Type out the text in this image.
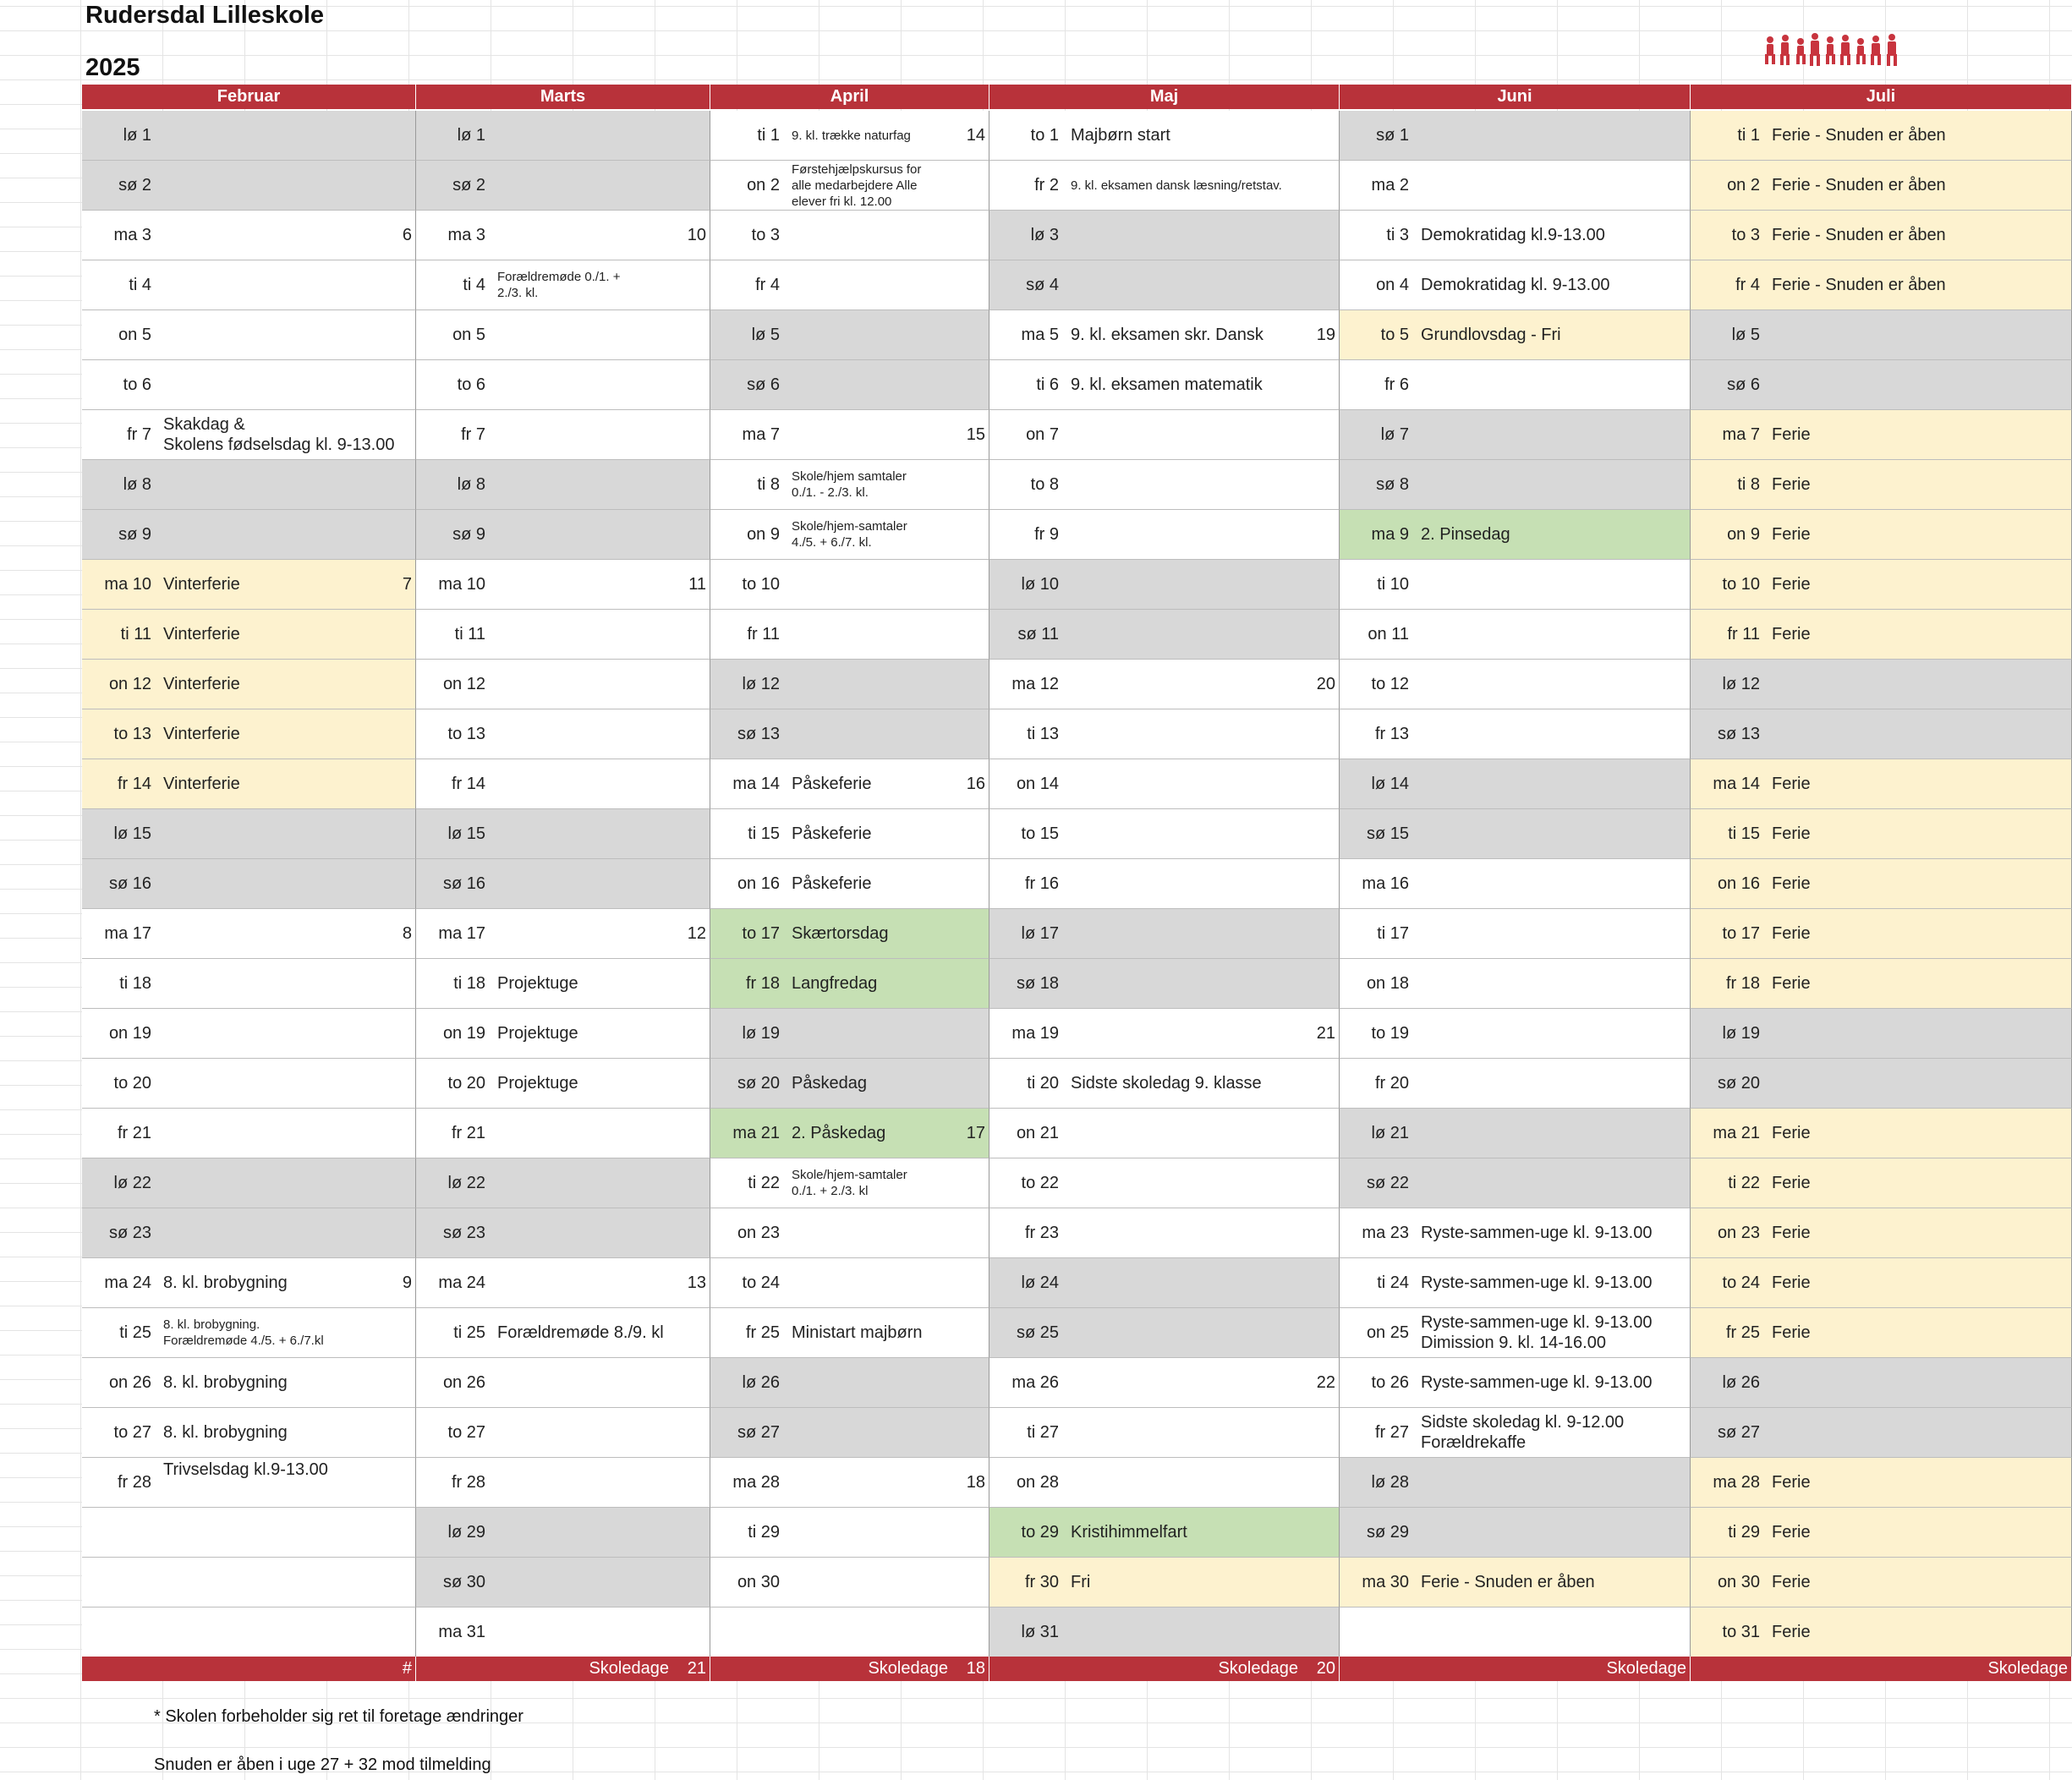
Rudersdal Lilleskole
2025
Februar
lø 1
sø 2
ma 3	6
ti 4
on 5
to 6
fr 7
Skakdag &
Skolens fødselsdag kl. 9-13.00
lø 8
sø 9
ma 10 Vinterferie	7
ti 11 Vinterferie
on 12 Vinterferie
to 13 Vinterferie
fr 14 Vinterferie
lø 15
sø 16
ma 17	8
ti 18
on 19
to 20
fr 21
lø 22
sø 23
ma 24 8. kl. brobygning	9
ti 25 8. kl. brobygning.
Forældremøde 4./5. + 6./7.kl
on 26 8. kl. brobygning
to 27 8. kl. brobygning
fr 28
Trivselsdag kl.9-13.00
#
Marts
lø 1
sø 2
ma 3	10
ti 4 Forældremøde 0./1. +
2./3. kl.
on 5
to 6
fr 7
lø 8
sø 9
ma 10	11
ti 11
on 12
to 13
fr 14
lø 15
sø 16
ma 17	12
ti 18 Projektuge
on 19 Projektuge
to 20 Projektuge
fr 21
lø 22
sø 23
ma 24	13
ti 25 Forældremøde 8./9. kl
on 26
to 27
fr 28
lø 29
sø 30
ma 31
Skoledage 21
April
ti 1 9. kl. trække naturfag	14
on 2
Førstehjælpskursus for
alle medarbejdere Alle
elever fri kl. 12.00
to 3
fr 4
lø 5
sø 6
ma 7	15
ti 8 Skole/hjem samtaler
0./1. - 2./3. kl.
on 9 Skole/hjem-samtaler
4./5. + 6./7. kl.
to 10
fr 11
lø 12
sø 13
ma 14 Påskeferie	16
ti 15 Påskeferie
on 16 Påskeferie
to 17 Skærtorsdag
fr 18 Langfredag
lø 19
sø 20 Påskedag
ma 21 2. Påskedag	17
ti 22 Skole/hjem-samtaler
0./1. + 2./3. kl
on 23
to 24
fr 25 Ministart majbørn
lø 26
sø 27
ma 28	18
ti 29
on 30
Skoledage 18
Maj
to 1 Majbørn start
fr 2 9. kl. eksamen dansk læsning/retstav.
lø 3
sø 4
ma 5 9. kl. eksamen skr. Dansk	19
ti 6 9. kl. eksamen matematik
on 7
to 8
fr 9
lø 10
sø 11
ma 12	20
ti 13
on 14
to 15
fr 16
lø 17
sø 18
ma 19	21
ti 20 Sidste skoledag 9. klasse
on 21
to 22
fr 23
lø 24
sø 25
ma 26	22
ti 27
on 28
to 29 Kristihimmelfart
fr 30 Fri
lø 31
Skoledage 20
Juni
sø 1
ma 2
ti 3 Demokratidag kl.9-13.00
on 4 Demokratidag kl. 9-13.00
to 5 Grundlovsdag - Fri
fr 6
lø 7
sø 8
ma 9 2. Pinsedag
ti 10
on 11
to 12
fr 13
lø 14
sø 15
ma 16
ti 17
on 18
to 19
fr 20
lø 21
sø 22
ma 23 Ryste-sammen-uge kl. 9-13.00
ti 24 Ryste-sammen-uge kl. 9-13.00
on 25
Ryste-sammen-uge kl. 9-13.00
Dimission 9. kl. 14-16.00
to 26 Ryste-sammen-uge kl. 9-13.00
fr 27
Sidste skoledag kl. 9-12.00
Forældrekaffe
lø 28
sø 29
ma 30 Ferie - Snuden er åben
Skoledage
Juli
ti 1 Ferie - Snuden er åben
on 2 Ferie - Snuden er åben
to 3 Ferie - Snuden er åben
fr 4 Ferie - Snuden er åben
lø 5
sø 6
ma 7 Ferie
ti 8 Ferie
on 9 Ferie
to 10 Ferie
fr 11 Ferie
lø 12
sø 13
ma 14 Ferie
ti 15 Ferie
on 16 Ferie
to 17 Ferie
fr 18 Ferie
lø 19
sø 20
ma 21 Ferie
ti 22 Ferie
on 23 Ferie
to 24 Ferie
fr 25 Ferie
lø 26
sø 27
ma 28 Ferie
ti 29 Ferie
on 30 Ferie
to 31 Ferie
Skoledage
* Skolen forbeholder sig ret til foretage ændringer
Snuden er åben i uge 27 + 32 mod tilmelding
